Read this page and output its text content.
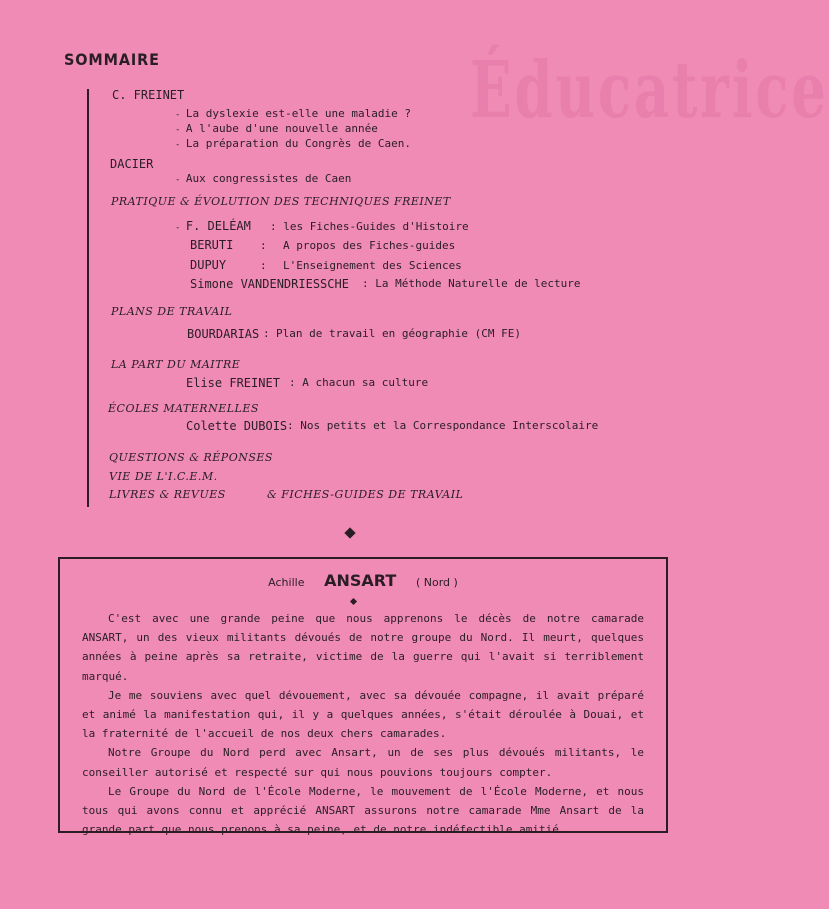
Éducatrice
SOMMAIRE
C. FREINET
- La dyslexie est-elle une maladie ?
- A l'aube d'une nouvelle année
- La préparation du Congrès de Caen.
DACIER
- Aux congressistes de Caen
PRATIQUE & ÉVOLUTION DES TECHNIQUES FREINET
- F. DELÉAM : les Fiches-Guides d'Histoire
BERUTI : A propos des Fiches-guides
DUPUY	: L'Enseignement des Sciences
Simone VANDENDRIESSCHE : La Méthode Naturelle de lecture
PLANS DE TRAVAIL
BOURDARIAS : Plan de travail en géographie (CM FE)
LA PART DU MAITRE
Elise FREINET : A chacun sa culture
ÉCOLES MATERNELLES
Colette DUBOIS : Nos petits et la Correspondance Interscolaire
QUESTIONS & RÉPONSES
VIE DE L'I.C.E.M.
LIVRES & REVUES	& FICHES-GUIDES DE TRAVAIL
Achille ANSART ( Nord )

C'est avec une grande peine que nous apprenons le décès de notre camarade ANSART, un des vieux militants dévoués de notre groupe du Nord. Il meurt, quelques années à peine après sa retraite, victime de la guerre qui l'avait si terriblement marqué.

Je me souviens avec quel dévouement, avec sa dévouée compagne, il avait préparé et animé la manifestation qui, il y a quelques années, s'était déroulée à Douai, et la fraternité de l'accueil de nos deux chers camarades.

Notre Groupe du Nord perd avec Ansart, un de ses plus dévoués militants, le conseiller autorisé et respecté sur qui nous pouvions toujours compter.

Le Groupe du Nord de l'École Moderne, le mouvement de l'École Moderne, et nous tous qui avons connu et apprécié ANSART assurons notre camarade Mme Ansart de la grande part que nous prenons à sa peine, et de notre indéfectible amitié.
